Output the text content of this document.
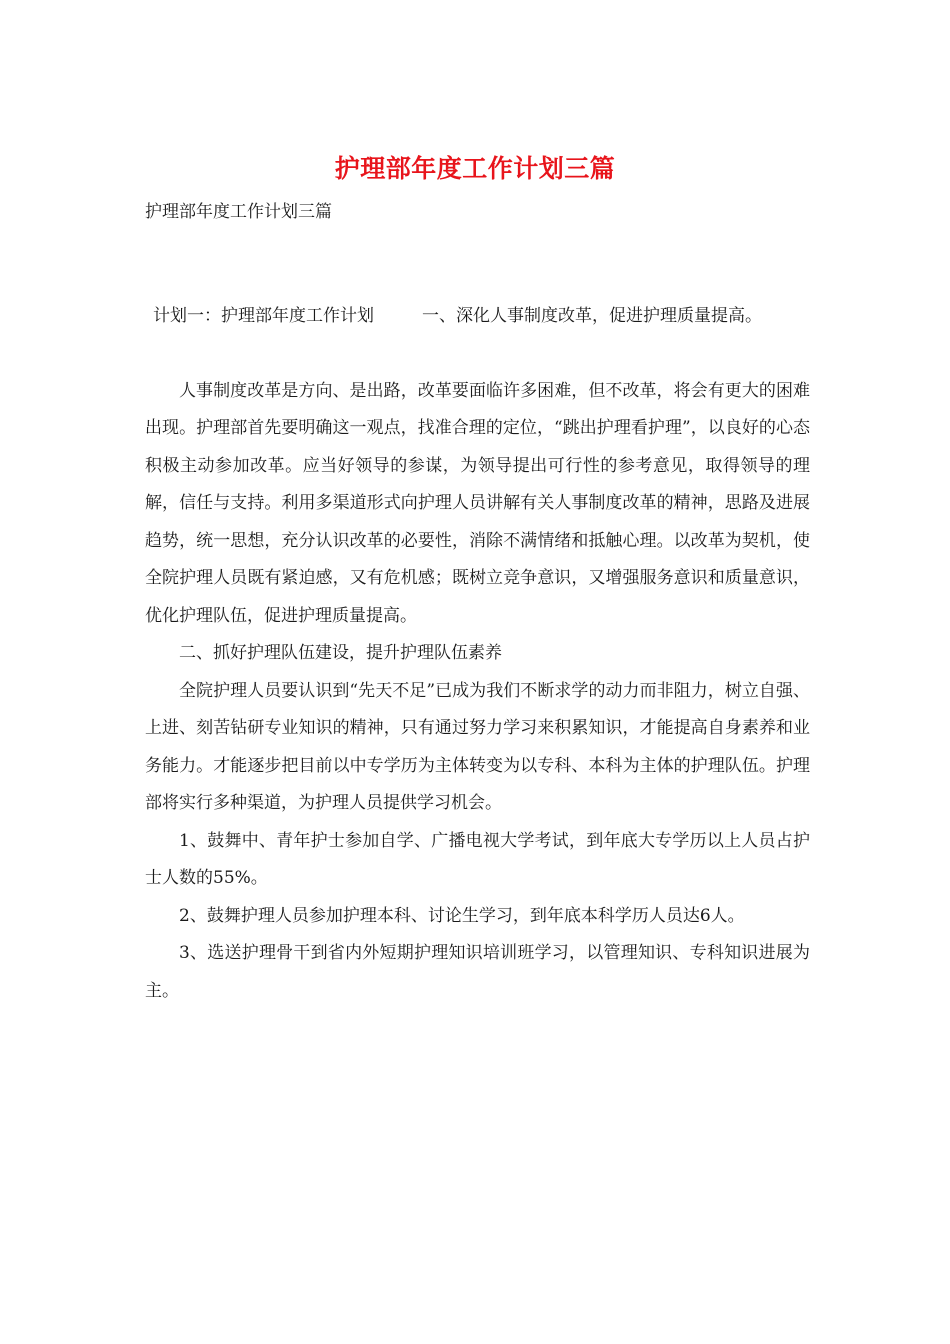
护理部年度工作计划三篇
护理部年度工作计划三篇

计划一：护理部年度工作计划	一、深化人事制度改革，促进护理质量提高。

人事制度改革是方向、是出路，改革要面临许多困难，但不改革，将会有更大的困难出现。护理部首先要明确这一观点，找准合理的定位，“跳出护理看护理”，以良好的心态积极主动参加改革。应当好领导的参谋，为领导提出可行性的参考意见，取得领导的理解，信任与支持。利用多渠道形式向护理人员讲解有关人事制度改革的精神，思路及进展趋势，统一思想，充分认识改革的必要性，消除不满情绪和抵触心理。以改革为契机，使全院护理人员既有紧迫感，又有危机感；既树立竞争意识，又增强服务意识和质量意识，优化护理队伍，促进护理质量提高。

二、抓好护理队伍建设，提升护理队伍素养

全院护理人员要认识到“先天不足”已成为我们不断求学的动力而非阻力，树立自强、上进、刻苦钻研专业知识的精神，只有通过努力学习来积累知识，才能提高自身素养和业务能力。才能逐步把目前以中专学历为主体转变为以专科、本科为主体的护理队伍。护理部将实行多种渠道，为护理人员提供学习机会。

1、鼓舞中、青年护士参加自学、广播电视大学考试，到年底大专学历以上人员占护士人数的55%。

2、鼓舞护理人员参加护理本科、讨论生学习，到年底本科学历人员达6人。

3、选送护理骨干到省内外短期护理知识培训班学习，以管理知识、专科知识进展为主。
